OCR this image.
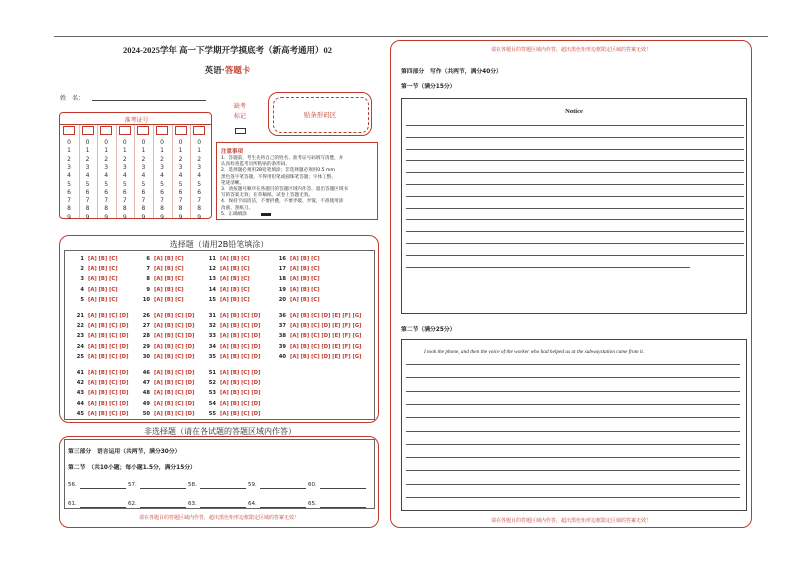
2024-2025学年 高一下学期开学摸底考（新高考通用）02
英语·答题卡
姓　名：
准考证号
0
1
2
3
4
5
6
7
8
9
0
1
2
3
4
5
6
7
8
9
0
1
2
3
4
5
6
7
8
9
0
1
2
3
4
5
6
7
8
9
0
1
2
3
4
5
6
7
8
9
0
1
2
3
4
5
6
7
8
9
0
1
2
3
4
5
6
7
8
9
0
1
2
3
4
5
6
7
8
9
缺考
标记	贴条形码区
注意事项
1．答题前，考生先将自己的姓名、准考证号码填写清楚，并
认真检查监考员所粘贴的条形码。
2．选择题必须用2B铅笔填涂；非选择题必须用0.5 mm
黑色签字笔答题，不得用铅笔或圆珠笔答题；字体工整、
笔迹清晰。
3．请按题号顺序在各题目的答题区域内作答，超出答题区域书
写的答案无效；在草稿纸、试卷上答题无效。
4．保持卡面清洁，不要折叠，不要弄破、弄皱，不准使用涂
改液、刮纸刀。
5．正确填涂
选择题（请用2B铅笔填涂）
1 [A] [B] [C]
2 [A] [B] [C]
3 [A] [B] [C]
4 [A] [B] [C]
5 [A] [B] [C]
6 [A] [B] [C]
7 [A] [B] [C]
8 [A] [B] [C]
9 [A] [B] [C]
10 [A] [B] [C]
11 [A] [B] [C]
12 [A] [B] [C]
13 [A] [B] [C]
14 [A] [B] [C]
15 [A] [B] [C]
16 [A] [B] [C]
17 [A] [B] [C]
18 [A] [B] [C]
19 [A] [B] [C]
20 [A] [B] [C]
21 [A] [B] [C] [D]
22 [A] [B] [C] [D]
23 [A] [B] [C] [D]
24 [A] [B] [C] [D]
25 [A] [B] [C] [D]
26 [A] [B] [C] [D]
27 [A] [B] [C] [D]
28 [A] [B] [C] [D]
29 [A] [B] [C] [D]
30 [A] [B] [C] [D]
31 [A] [B] [C] [D]
32 [A] [B] [C] [D]
33 [A] [B] [C] [D]
34 [A] [B] [C] [D]
35 [A] [B] [C] [D]
36 [A] [B] [C] [D] [E] [F] [G]
37 [A] [B] [C] [D] [E] [F] [G]
38 [A] [B] [C] [D] [E] [F] [G]
39 [A] [B] [C] [D] [E] [F] [G]
40 [A] [B] [C] [D] [E] [F] [G]
41 [A] [B] [C] [D]
42 [A] [B] [C] [D]
43 [A] [B] [C] [D]
44 [A] [B] [C] [D]
45 [A] [B] [C] [D]
46 [A] [B] [C] [D]
47 [A] [B] [C] [D]
48 [A] [B] [C] [D]
49 [A] [B] [C] [D]
50 [A] [B] [C] [D]
51 [A] [B] [C] [D]
52 [A] [B] [C] [D]
53 [A] [B] [C] [D]
54 [A] [B] [C] [D]
55 [A] [B] [C] [D]
非选择题（请在各试题的答题区域内作答）
第三部分　语言运用（共两节，满分30分）
第二节　（共10小题；每小题1.5分，满分15分）
56.	57.	58.	59.	60.
61.	62.	63.	64.	65.
请在各题目的答题区域内作答，超出黑色矩形边框限定区域的答案无效！
请在各题目的答题区域内作答，超出黑色矩形边框限定区域的答案无效！
第四部分　写作（共两节，满分40分）
第一节（满分15分）
Notice
第二节（满分25分）
I took the phone, and then the voice of the worker who had helped us at the subwaystation came from it.
请在各题目的答题区域内作答，超出黑色矩形边框限定区域的答案无效！
